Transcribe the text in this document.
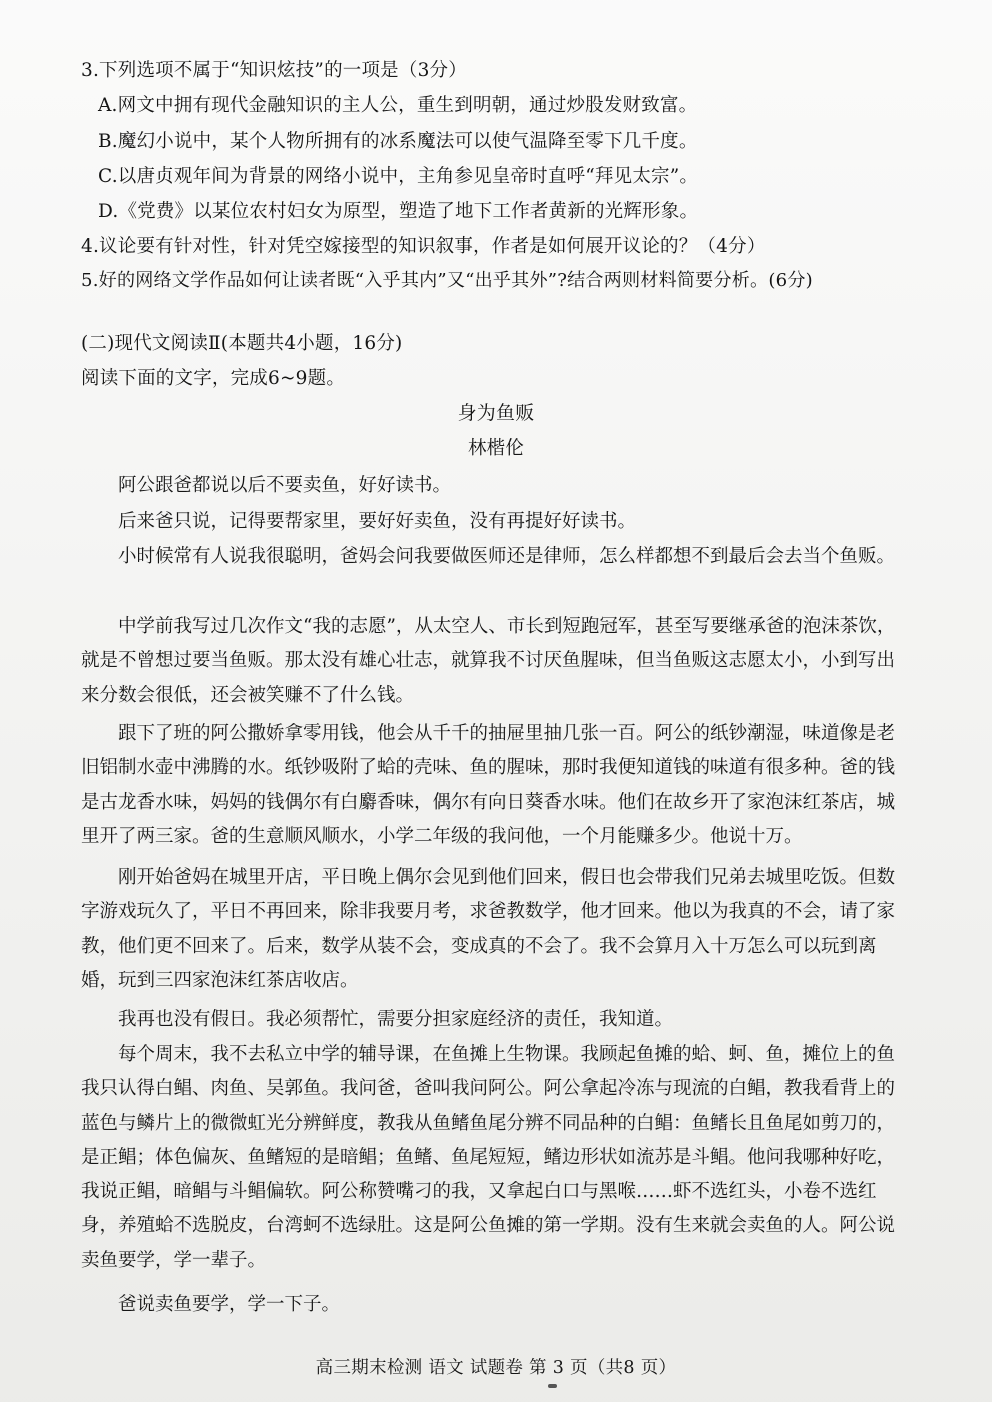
3.下列选项不属于“知识炫技”的一项是（3分）
A.网文中拥有现代金融知识的主人公，重生到明朝，通过炒股发财致富。
B.魔幻小说中，某个人物所拥有的冰系魔法可以使气温降至零下几千度。
C.以唐贞观年间为背景的网络小说中，主角参见皇帝时直呼“拜见太宗”。
D.《党费》以某位农村妇女为原型，塑造了地下工作者黄新的光辉形象。
4.议论要有针对性，针对凭空嫁接型的知识叙事，作者是如何展开议论的？（4分）
5.好的网络文学作品如何让读者既“入乎其内”又“出乎其外”?结合两则材料简要分析。(6分)
(二)现代文阅读Ⅱ(本题共4小题，16分)
阅读下面的文字，完成6~9题。
身为鱼贩
林楷伦
阿公跟爸都说以后不要卖鱼，好好读书。
后来爸只说，记得要帮家里，要好好卖鱼，没有再提好好读书。
小时候常有人说我很聪明，爸妈会问我要做医师还是律师，怎么样都想不到最后会去当个鱼贩。
中学前我写过几次作文“我的志愿”，从太空人、市长到短跑冠军，甚至写要继承爸的泡沫茶饮，就是不曾想过要当鱼贩。那太没有雄心壮志，就算我不讨厌鱼腥味，但当鱼贩这志愿太小，小到写出来分数会很低，还会被笑赚不了什么钱。
跟下了班的阿公撒娇拿零用钱，他会从千千的抽屉里抽几张一百。阿公的纸钞潮湿，味道像是老旧铝制水壶中沸腾的水。纸钞吸附了蛤的壳味、鱼的腥味，那时我便知道钱的味道有很多种。爸的钱是古龙香水味，妈妈的钱偶尔有白麝香味，偶尔有向日葵香水味。他们在故乡开了家泡沫红茶店，城里开了两三家。爸的生意顺风顺水，小学二年级的我问他，一个月能赚多少。他说十万。
刚开始爸妈在城里开店，平日晚上偶尔会见到他们回来，假日也会带我们兄弟去城里吃饭。但数字游戏玩久了，平日不再回来，除非我要月考，求爸教数学，他才回来。他以为我真的不会，请了家教，他们更不回来了。后来，数学从装不会，变成真的不会了。我不会算月入十万怎么可以玩到离婚，玩到三四家泡沫红茶店收店。
我再也没有假日。我必须帮忙，需要分担家庭经济的责任，我知道。
每个周末，我不去私立中学的辅导课，在鱼摊上生物课。我顾起鱼摊的蛤、蚵、鱼，摊位上的鱼我只认得白鲳、肉鱼、吴郭鱼。我问爸，爸叫我问阿公。阿公拿起冷冻与现流的白鲳，教我看背上的蓝色与鳞片上的微微虹光分辨鲜度，教我从鱼鳍鱼尾分辨不同品种的白鲳：鱼鳍长且鱼尾如剪刀的，是正鲳；体色偏灰、鱼鳍短的是暗鲳；鱼鳍、鱼尾短短，鳍边形状如流苏是斗鲳。他问我哪种好吃，我说正鲳，暗鲳与斗鲳偏软。阿公称赞嘴刁的我，又拿起白口与黑喉……虾不选红头，小卷不选红身，养殖蛤不选脱皮，台湾蚵不选绿肚。这是阿公鱼摊的第一学期。没有生来就会卖鱼的人。阿公说卖鱼要学，学一辈子。
爸说卖鱼要学，学一下子。
高三期末检测 语文 试题卷 第 3 页（共8 页）
